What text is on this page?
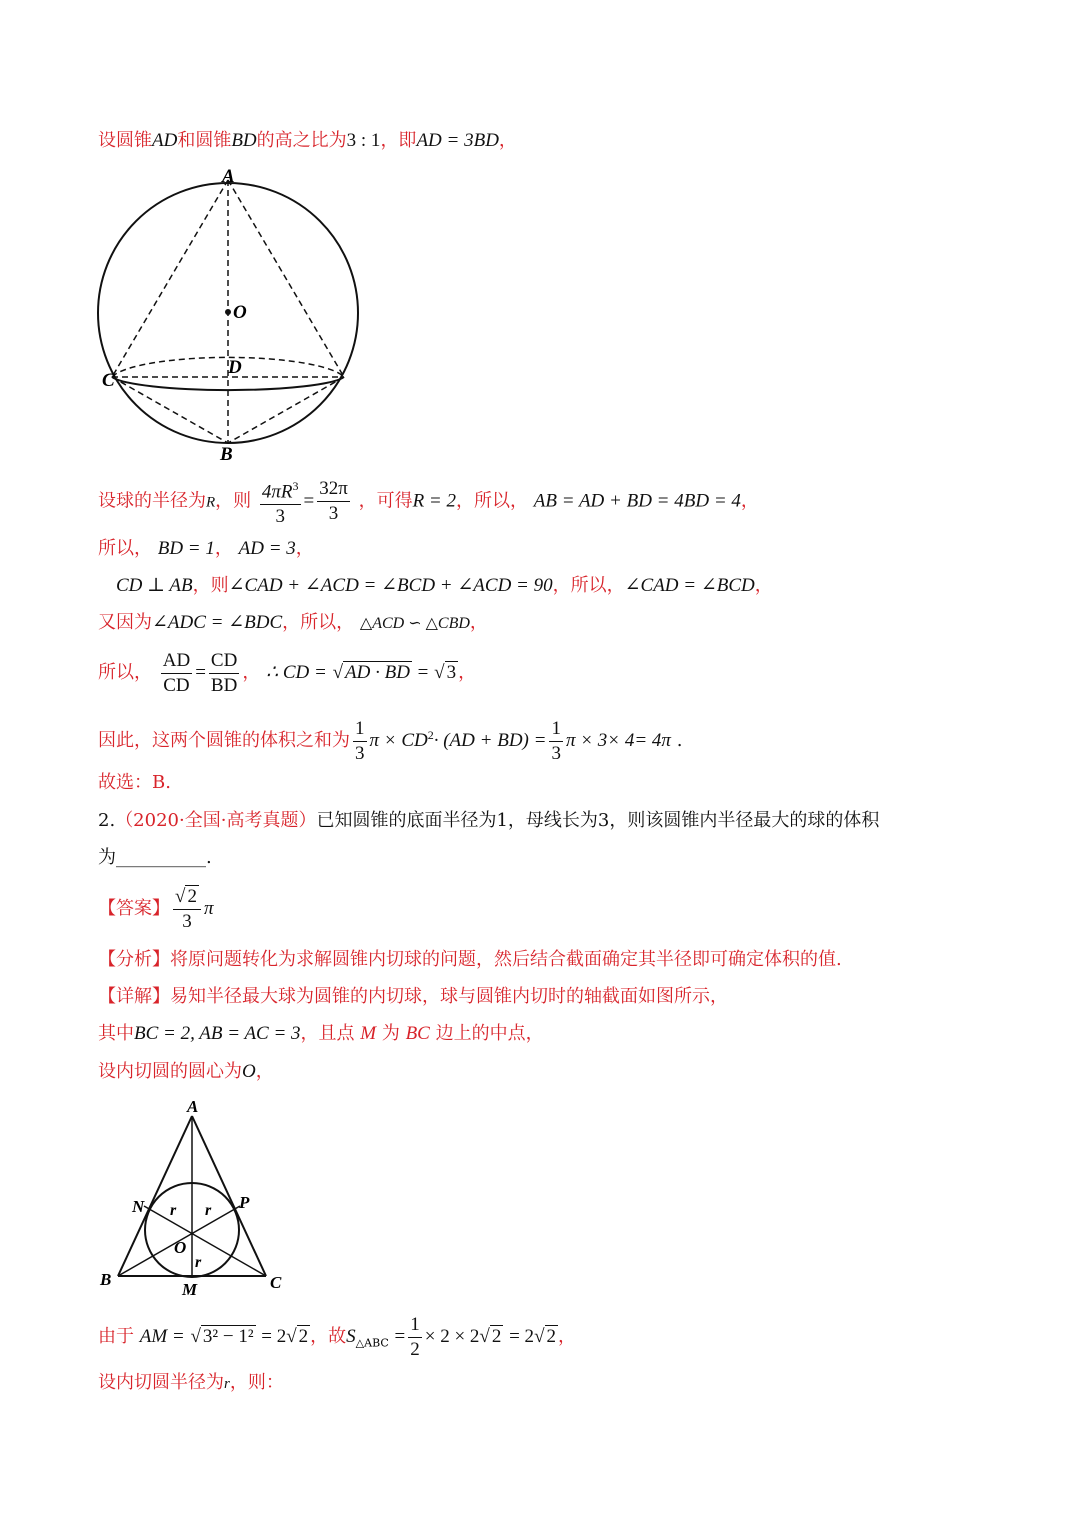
设圆锥AD和圆锥BD的高之比为3 : 1，即AD = 3BD，
A
O
C
D
B
设球的半径为R，则 $\frac{4\pi R^3}{3} = \frac{32\pi}{3}$ ，可得R = 2，所以， AB = AD + BD = 4BD = 4，
所以， BD = 1， AD = 3，
CD ⊥ AB，则∠CAD + ∠ACD = ∠BCD + ∠ACD = 90，所以，∠CAD = ∠BCD，
又因为∠ADC = ∠BDC，所以， △ACD ∽ △CBD，
所以， $\frac{AD}{CD} = \frac{CD}{BD}$ ， ∴ CD = √ AD · BD = √ 3 ，
因此，这两个圆锥的体积之和为 $\frac{1}{3}$ $\pi \times CD^2\cdot (AD + BD) = \frac{1}{3}$ π × 3× 4= 4π .
故选：B.
2.（2020·全国·高考真题）已知圆锥的底面半径为1，母线长为3，则该圆锥内半径最大的球的体积
为__________.
【答案】 $\frac{√ 2}{3}$ π
【分析】将原问题转化为求解圆锥内切球的问题，然后结合截面确定其半径即可确定体积的值.
【详解】易知半径最大球为圆锥的内切球，球与圆锥内切时的轴截面如图所示，
其中BC = 2, AB = AC = 3，且点 M 为 BC 边上的中点，
设内切圆的圆心为O，
A
N	P
O
B
M	C
r r
r
由于 AM = √ 3² − 1² = 2√ 2 ，故$S_{\triangle ABC} = \frac{1}{2} \times 2 \times 2√$ 2 = 2√ 2 ，
设内切圆半径为r，则：
